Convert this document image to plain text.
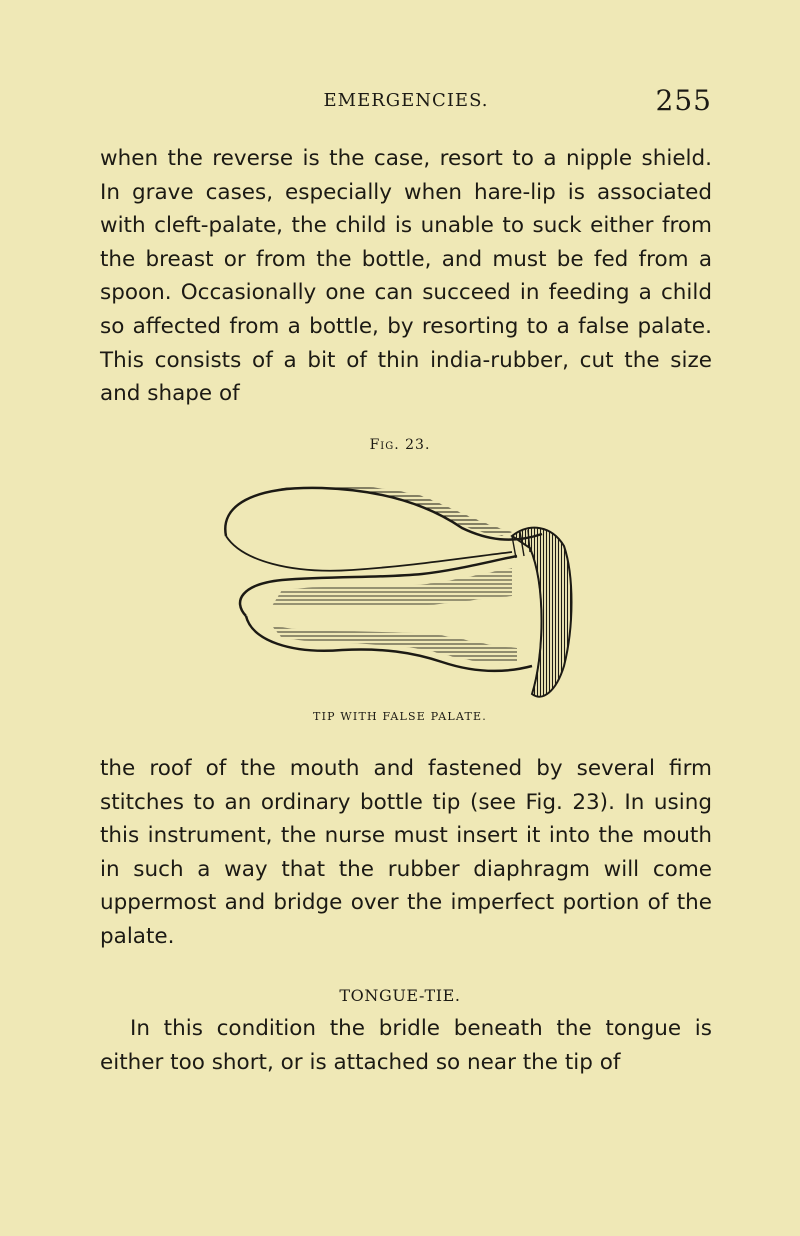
EMERGENCIES.	255

when the reverse is the case, resort to a nipple shield. In grave cases, especially when hare-lip is associated with cleft-palate, the child is unable to suck either from the breast or from the bottle, and must be fed from a spoon. Occasionally one can succeed in feeding a child so affected from a bottle, by resorting to a false palate. This consists of a bit of thin india-rubber, cut the size and shape of

Fig. 23.
TIP WITH FALSE PALATE.

the roof of the mouth and fastened by several firm stitches to an ordinary bottle tip (see Fig. 23). In using this instrument, the nurse must insert it into the mouth in such a way that the rubber diaphragm will come uppermost and bridge over the imperfect portion of the palate.

TONGUE-TIE.

In this condition the bridle beneath the tongue is either too short, or is attached so near the tip of
